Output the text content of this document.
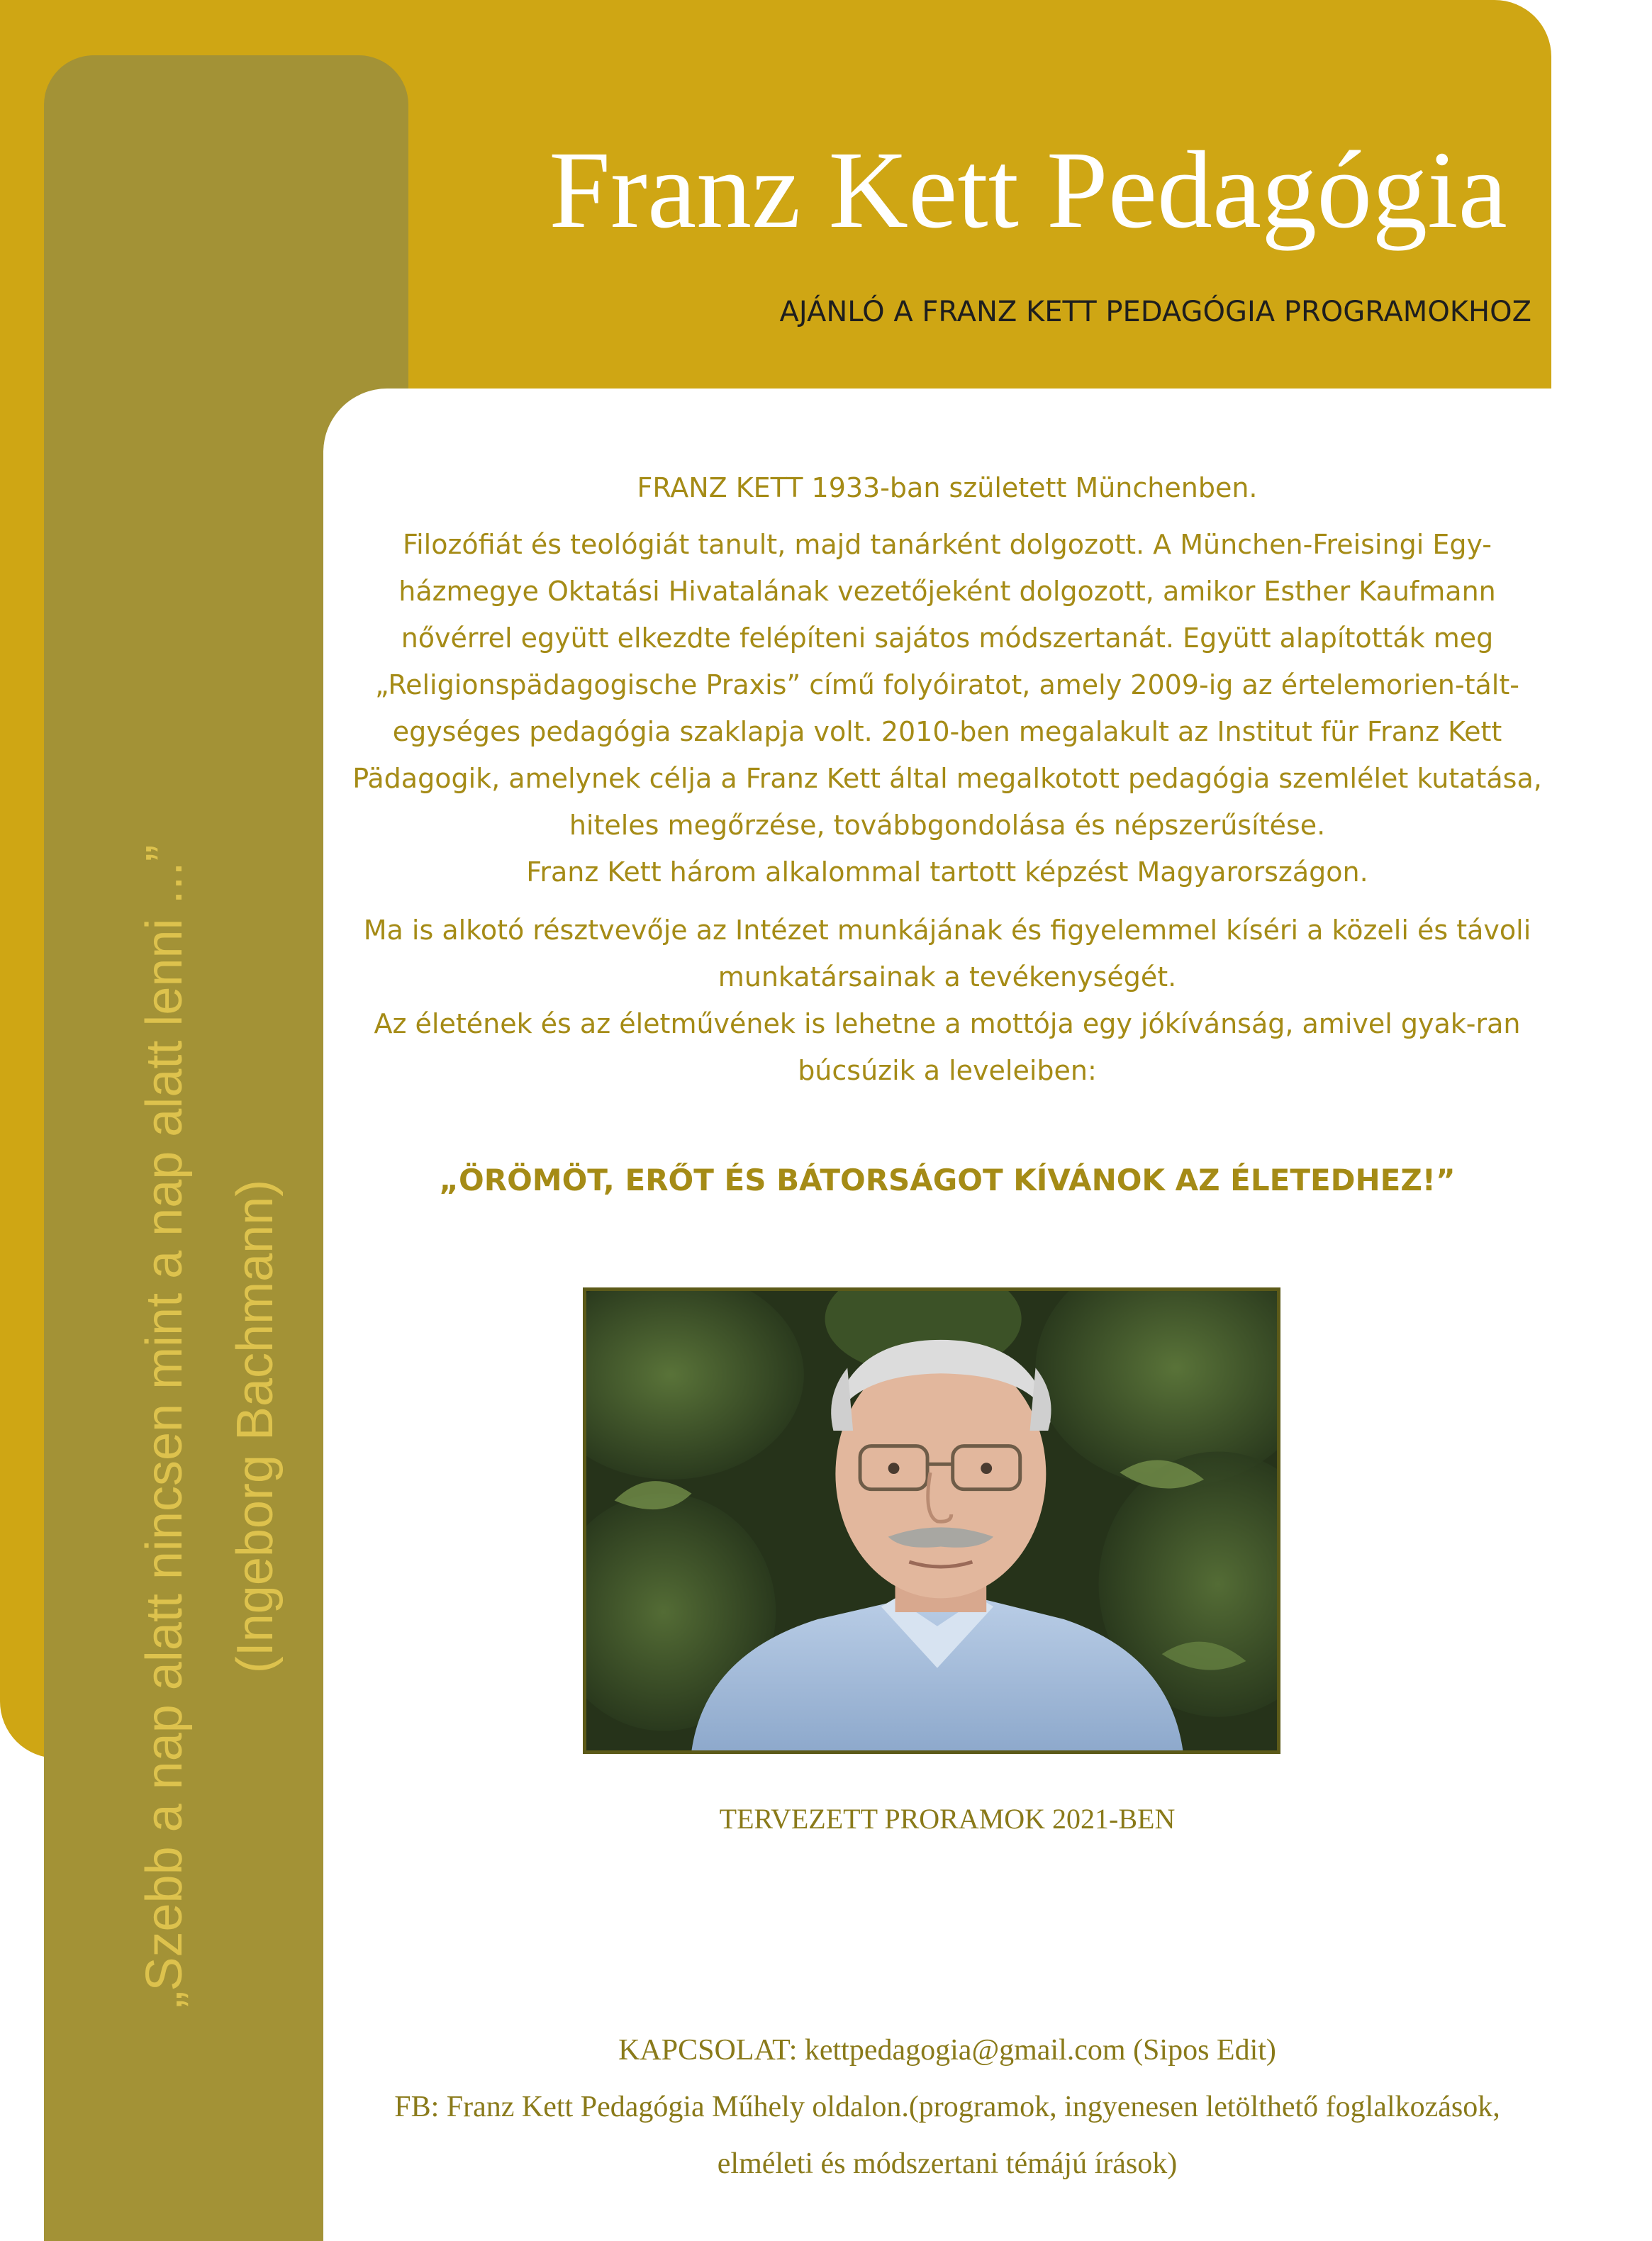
Franz Kett Pedagógia

AJÁNLÓ A FRANZ KETT PEDAGÓGIA PROGRAMOKHOZ

„Szebb a nap alatt nincsen mint a nap alatt lenni ...” (Ingeborg Bachmann)

FRANZ KETT 1933-ban született Münchenben.

Filozófiát és teológiát tanult, majd tanárként dolgozott. A München-Freisingi Egy-házmegye Oktatási Hivatalának vezetőjeként dolgozott, amikor Esther Kaufmann nővérrel együtt elkezdte felépíteni sajátos módszertanát. Együtt alapították meg „Religionspädagogische Praxis” című folyóiratot, amely 2009-ig az értelemorien-tált-egységes pedagógia szaklapja volt. 2010-ben megalakult az Institut für Franz Kett Pädagogik, amelynek célja a Franz Kett által megalkotott pedagógia szemlélet kutatása, hiteles megőrzése, továbbgondolása és népszerűsítése.

Franz Kett három alkalommal tartott képzést Magyarországon.

Ma is alkotó résztvevője az Intézet munkájának és figyelemmel kíséri a közeli és távoli munkatársainak a tevékenységét.

Az életének és az életművének is lehetne a mottója egy jókívánság, amivel gyak-ran búcsúzik a leveleiben:

„ÖRÖMÖT, ERŐT ÉS BÁTORSÁGOT KÍVÁNOK AZ ÉLETEDHEZ!”

TERVEZETT PRORAMOK 2021-BEN

KAPCSOLAT: kettpedagogia@gmail.com (Sipos Edit)

FB: Franz Kett Pedagógia Műhely oldalon.(programok, ingyenesen letölthető foglalkozások, elméleti és módszertani témájú írások)
